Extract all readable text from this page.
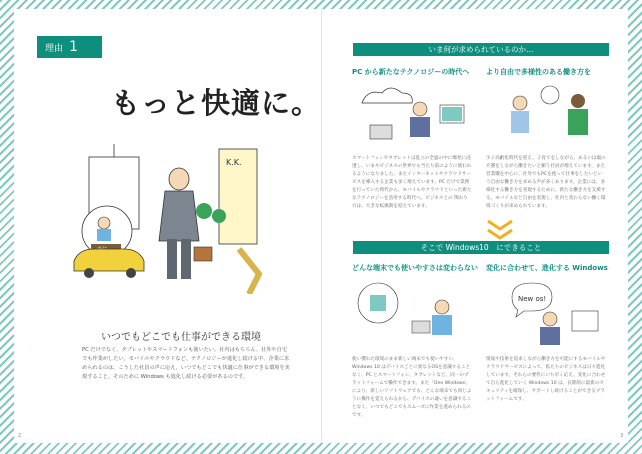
理由 1
もっと快適に。
K.K.
いつでもどこでも仕事ができる環境
PC だけでなく、タブレットやスマートフォンも使いたい。社内はもちろん、社外や自宅でも作業がしたい。モバイルやクラウドなど、テクノロジーが進化し続ける中、企業に求められるのは、こうした社員の声に応え、いつでもどこでも快適に仕事ができる環境を実現すること。そのために Windows も進化し続ける必要があるのです。
いま何が求められているのか…
PC から新たなテクノロジーの時代へ より自由で多様性のある働き方を
スマートフォンやタブレットは乱立の全盛の中に爆発に浸透し、いまやビジネスの世界でも当たり前のように使われるようになりました。またインターネットやクラウドサービスを導入する企業も多く増えています。PC だけで業務を行っていた時代から、モバイルやクラウドといった新たなテクノロジーを活用する時代へ。ビジネスとの 関わり方は、大きな転換期を迎えています。
少子高齢化時代を迎え、子育てをしながら、あるいは親の介護をしながら働きたいと願う社員が増えています。また営業職を中心に、社外でもPCを使って仕事をしたいという自由な働き方を求める声が多くあります。企業には、多様化する働き方を実現するために、新たな働き方を支援する、モバイルなど自由を実現し、社内と変わらない働く環境づくりが求められています。
そこで Windows10　にできること
どんな端末でも使いやすさは変わらない 変化に合わせて、進化する Windows
New os!
使い慣れた環境のまま新しい端末でも使いやすい、Windows 10 はデバイスごとに異なるOSを意識することなく、PC とスマートフォン、タブレットなど、同一のプラットフォームで操作できます。また「One Windows」により、新しいソフトウェアでも、どんな端末でも同じように操作を覚えられるから、デバイスの違いを意識することなく、いつでもどこでもスムーズに作業を進められるのです。
情報や技術を追求しながら働き方を可能にするモバイルやクラウドサービスによって、私たちのビジネスは日々進化しています。それらの要件にいち早く応え、変化に合わせて自ら進化していく Windows 10 は、長期的に最新のセキュリティを確保し、サポートし続けることができるプラットフォームです。
2	3
